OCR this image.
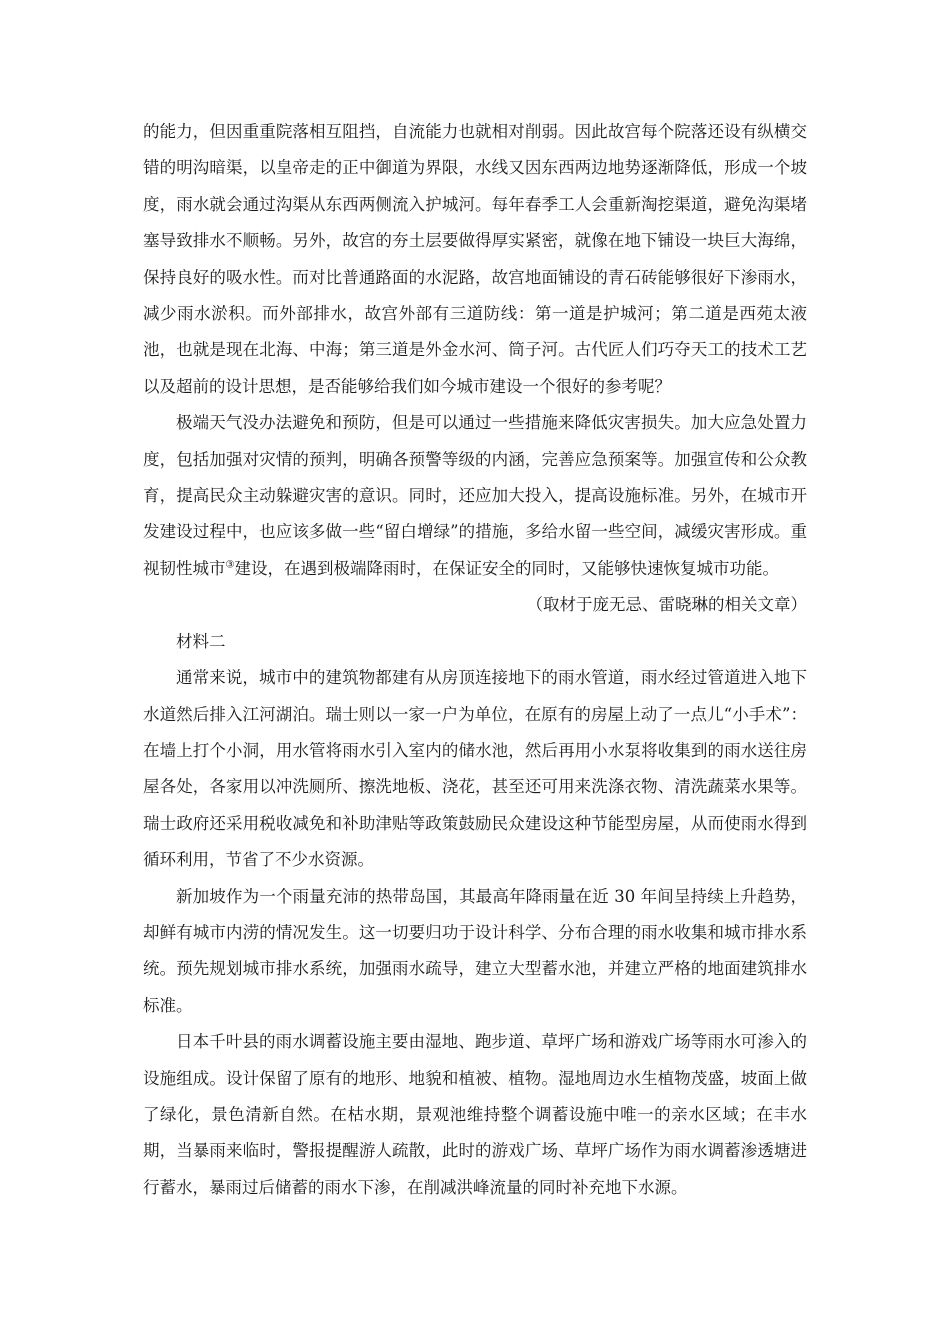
的能力，但因重重院落相互阻挡，自流能力也就相对削弱。因此故宫每个院落还设有纵横交错的明沟暗渠，以皇帝走的正中御道为界限，水线又因东西两边地势逐渐降低，形成一个坡度，雨水就会通过沟渠从东西两侧流入护城河。每年春季工人会重新淘挖渠道，避免沟渠堵塞导致排水不顺畅。另外，故宫的夯土层要做得厚实紧密，就像在地下铺设一块巨大海绵，保持良好的吸水性。而对比普通路面的水泥路，故宫地面铺设的青石砖能够很好下渗雨水，减少雨水淤积。而外部排水，故宫外部有三道防线：第一道是护城河；第二道是西苑太液池，也就是现在北海、中海；第三道是外金水河、筒子河。古代匠人们巧夺天工的技术工艺以及超前的设计思想，是否能够给我们如今城市建设一个很好的参考呢？

极端天气没办法避免和预防，但是可以通过一些措施来降低灾害损失。加大应急处置力度，包括加强对灾情的预判，明确各预警等级的内涵，完善应急预案等。加强宣传和公众教育，提高民众主动躲避灾害的意识。同时，还应加大投入，提高设施标准。另外，在城市开发建设过程中，也应该多做一些“留白增绿”的措施，多给水留一些空间，减缓灾害形成。重视韧性城市③建设，在遇到极端降雨时，在保证安全的同时，又能够快速恢复城市功能。

（取材于庞无忌、雷晓琳的相关文章）

材料二

通常来说，城市中的建筑物都建有从房顶连接地下的雨水管道，雨水经过管道进入地下水道然后排入江河湖泊。瑞士则以一家一户为单位，在原有的房屋上动了一点儿“小手术”：在墙上打个小洞，用水管将雨水引入室内的储水池，然后再用小水泵将收集到的雨水送往房屋各处，各家用以冲洗厕所、擦洗地板、浇花，甚至还可用来洗涤衣物、清洗蔬菜水果等。瑞士政府还采用税收减免和补助津贴等政策鼓励民众建设这种节能型房屋，从而使雨水得到循环利用，节省了不少水资源。

新加坡作为一个雨量充沛的热带岛国，其最高年降雨量在近 30 年间呈持续上升趋势，却鲜有城市内涝的情况发生。这一切要归功于设计科学、分布合理的雨水收集和城市排水系统。预先规划城市排水系统，加强雨水疏导，建立大型蓄水池，并建立严格的地面建筑排水标准。

日本千叶县的雨水调蓄设施主要由湿地、跑步道、草坪广场和游戏广场等雨水可渗入的设施组成。设计保留了原有的地形、地貌和植被、植物。湿地周边水生植物茂盛，坡面上做了绿化，景色清新自然。在枯水期，景观池维持整个调蓄设施中唯一的亲水区域；在丰水期，当暴雨来临时，警报提醒游人疏散，此时的游戏广场、草坪广场作为雨水调蓄渗透塘进行蓄水，暴雨过后储蓄的雨水下渗，在削减洪峰流量的同时补充地下水源。
